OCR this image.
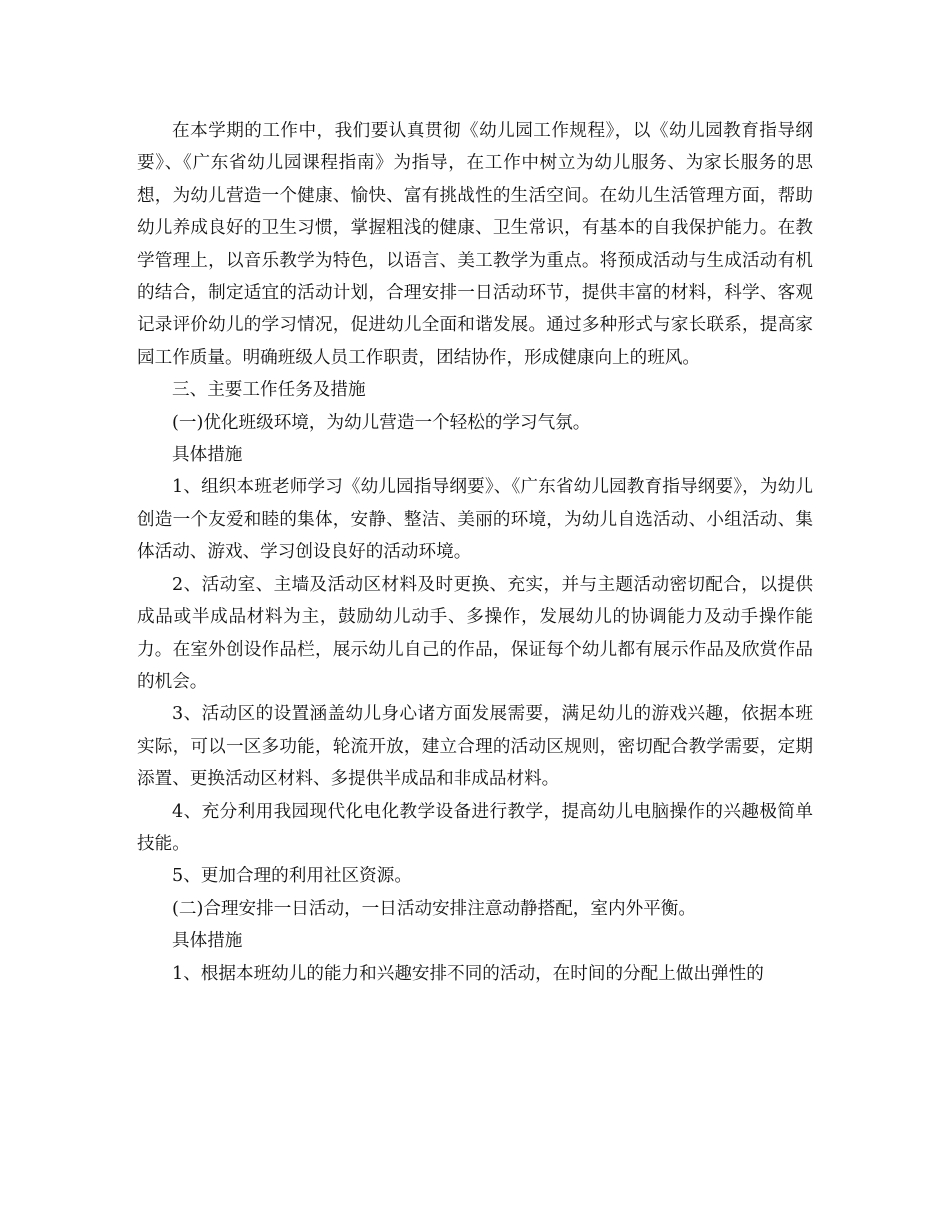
在本学期的工作中，我们要认真贯彻《幼儿园工作规程》，以《幼儿园教育指导纲要》、《广东省幼儿园课程指南》为指导，在工作中树立为幼儿服务、为家长服务的思想，为幼儿营造一个健康、愉快、富有挑战性的生活空间。在幼儿生活管理方面，帮助幼儿养成良好的卫生习惯，掌握粗浅的健康、卫生常识，有基本的自我保护能力。在教学管理上，以音乐教学为特色，以语言、美工教学为重点。将预成活动与生成活动有机的结合，制定适宜的活动计划，合理安排一日活动环节，提供丰富的材料，科学、客观记录评价幼儿的学习情况，促进幼儿全面和谐发展。通过多种形式与家长联系，提高家园工作质量。明确班级人员工作职责，团结协作，形成健康向上的班风。

三、主要工作任务及措施

(一)优化班级环境，为幼儿营造一个轻松的学习气氛。

具体措施

1、组织本班老师学习《幼儿园指导纲要》、《广东省幼儿园教育指导纲要》，为幼儿创造一个友爱和睦的集体，安静、整洁、美丽的环境，为幼儿自选活动、小组活动、集体活动、游戏、学习创设良好的活动环境。

2、活动室、主墙及活动区材料及时更换、充实，并与主题活动密切配合，以提供成品或半成品材料为主，鼓励幼儿动手、多操作，发展幼儿的协调能力及动手操作能力。在室外创设作品栏，展示幼儿自己的作品，保证每个幼儿都有展示作品及欣赏作品的机会。

3、活动区的设置涵盖幼儿身心诸方面发展需要，满足幼儿的游戏兴趣，依据本班实际，可以一区多功能，轮流开放，建立合理的活动区规则，密切配合教学需要，定期添置、更换活动区材料、多提供半成品和非成品材料。

4、充分利用我园现代化电化教学设备进行教学，提高幼儿电脑操作的兴趣极简单技能。

5、更加合理的利用社区资源。

(二)合理安排一日活动，一日活动安排注意动静搭配，室内外平衡。

具体措施

1、根据本班幼儿的能力和兴趣安排不同的活动，在时间的分配上做出弹性的
